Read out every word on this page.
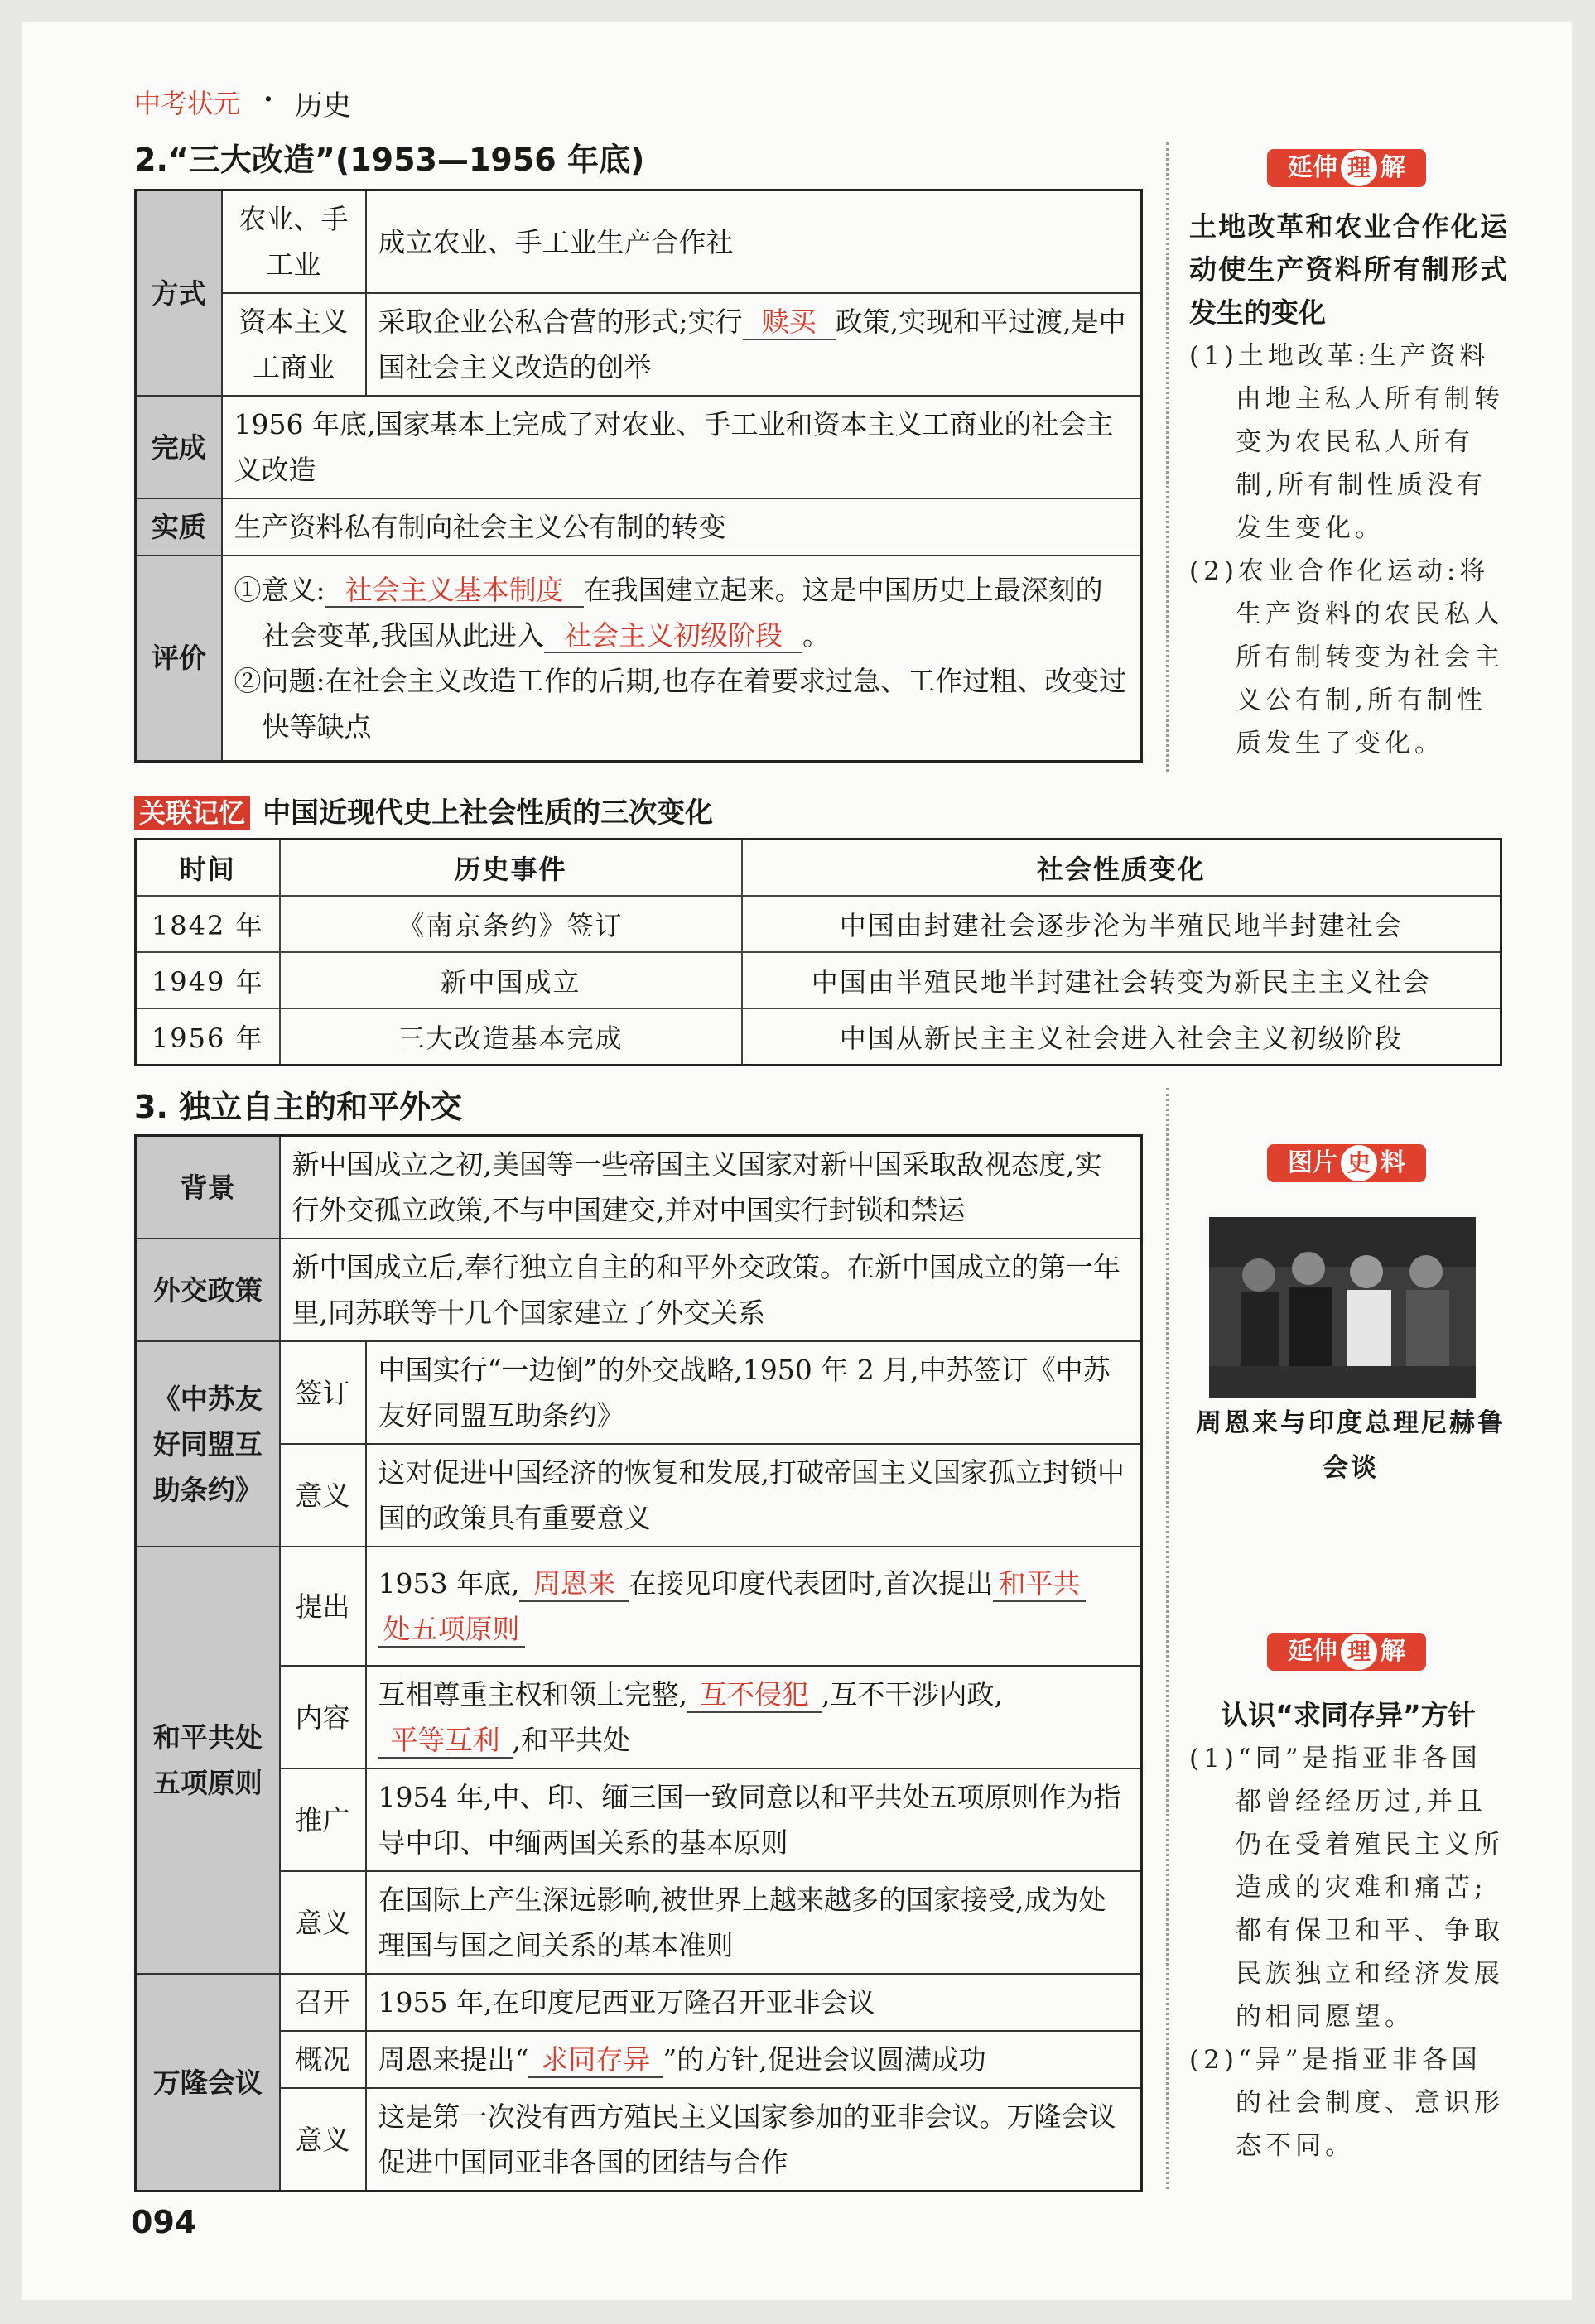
中考状元 · 历史
2.“三大改造”(1953—1956 年底)
方式	农业、手工业	成立农业、手工业生产合作社
	资本主义工商业	采取企业公私合营的形式;实行 赎买 政策,实现和平过渡,是中国社会主义改造的创举
完成	1956 年底,国家基本上完成了对农业、手工业和资本主义工商业的社会主义改造	
实质	生产资料私有制向社会主义公有制的转变	
评价	①意义: 社会主义基本制度 在我国建立起来。这是中国历史上最深刻的社会变革,我国从此进入 社会主义初级阶段 。
②问题:在社会主义改造工作的后期,也存在着要求过急、工作过粗、改变过快等缺点	
关联记忆 中国近现代史上社会性质的三次变化
时间	历史事件	社会性质变化
1842 年	《南京条约》签订	中国由封建社会逐步沦为半殖民地半封建社会
1949 年	新中国成立	中国由半殖民地半封建社会转变为新民主主义社会
1956 年	三大改造基本完成	中国从新民主主义社会进入社会主义初级阶段
3. 独立自主的和平外交
背景	新中国成立之初,美国等一些帝国主义国家对新中国采取敌视态度,实行外交孤立政策,不与中国建交,并对中国实行封锁和禁运	
外交政策	新中国成立后,奉行独立自主的和平外交政策。在新中国成立的第一年里,同苏联等十几个国家建立了外交关系	
《中苏友好同盟互助条约》	签订	中国实行“一边倒”的外交战略,1950 年 2 月,中苏签订《中苏友好同盟互助条约》
	意义	这对促进中国经济的恢复和发展,打破帝国主义国家孤立封锁中国的政策具有重要意义
和平共处五项原则	提出	1953 年底, 周恩来 在接见印度代表团时,首次提出 和平共
处五项原则
	内容	互相尊重主权和领土完整, 互不侵犯 ,互不干涉内政,
平等互利 ,和平共处
	推广	1954 年,中、印、缅三国一致同意以和平共处五项原则作为指导中印、中缅两国关系的基本原则
	意义	在国际上产生深远影响,被世界上越来越多的国家接受,成为处理国与国之间关系的基本准则
万隆会议	召开	1955 年,在印度尼西亚万隆召开亚非会议
	概况	周恩来提出“ 求同存异 ”的方针,促进会议圆满成功
	意义	这是第一次没有西方殖民主义国家参加的亚非会议。万隆会议促进中国同亚非各国的团结与合作
延伸 理 解
土地改革和农业合作化运动使生产资料所有制形式发生的变化

(1)土地改革:生产资料由地主私人所有制转变为农民私人所有制,所有制性质没有发生变化。

(2)农业合作化运动:将生产资料的农民私人所有制转变为社会主义公有制,所有制性质发生了变化。

图片 史 料
周恩来与印度总理尼赫鲁会谈
延伸 理 解
认识“求同存异”方针

(1)“同”是指亚非各国都曾经经历过,并且仍在受着殖民主义所造成的灾难和痛苦;都有保卫和平、争取民族独立和经济发展的相同愿望。

(2)“异”是指亚非各国的社会制度、意识形态不同。

094
